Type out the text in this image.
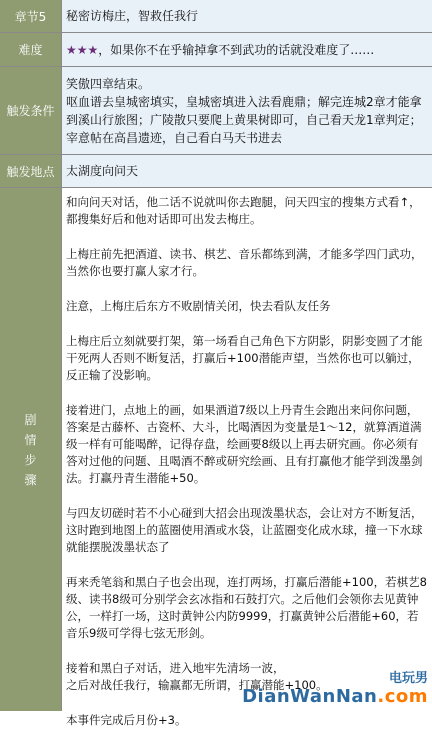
章节5	秘密访梅庄，智救任我行
难度	★★★ ，如果你不在乎输掉拿不到武功的话就没难度了……
触发条件
笑傲四章结束。
呕血谱去皇城密填实，皇城密填进入法看鹿鼎；解完连城2章才能拿到溪山行旅图；广陵散只要爬上黄果树即可，自己看天龙1章判定；宰意帖在高昌遗迹，自己看白马天书进去
触发地点 太湖度向问天
剧
情
步
骤

和向问天对话，他二话不说就叫你去跑腿，问天四宝的搜集方式看↑，都搜集好后和他对话即可出发去梅庄。

上梅庄前先把酒道、读书、棋艺、音乐都练到满，才能多学四门武功，当然你也要打赢人家才行。

注意，上梅庄后东方不败剧情关闭，快去看队友任务

上梅庄后立刻就要打架，第一场看自己角色下方阴影，阴影变圆了才能干死两人否则不断复活，打赢后+100潜能声望，当然你也可以躺过，反正输了没影响。

接着进门，点地上的画，如果酒道7级以上丹青生会跑出来问你问题，答案是古藤杯、古瓷杯、大斗，比喝酒因为变量是1～12，就算酒道满级一样有可能喝醉，记得存盘，绘画要8级以上再去研究画。你必须有答对过他的问题、且喝酒不醉或研究绘画、且有打赢他才能学到泼墨剑法。打赢丹青生潜能+50。

与四友切磋时若不小心碰到大招会出现泼墨状态，会让对方不断复活，这时跑到地图上的蓝圈使用酒或水袋，让蓝圈变化成水球，撞一下水球就能摆脱泼墨状态了

再来秃笔翁和黑白子也会出现，连打两场，打赢后潜能+100，若棋艺8级、读书8级可分别学会玄冰指和石鼓打穴。之后他们会领你去见黄钟公，一样打一场，这时黄钟公内防9999，打赢黄钟公后潜能+60，若音乐9级可学得七弦无形剑。

接着和黑白子对话，进入地牢先清场一波，
之后对战任我行，输赢都无所谓，打赢潜能+100。

本事件完成后月份+3。

电玩男
DianWanNan.com
